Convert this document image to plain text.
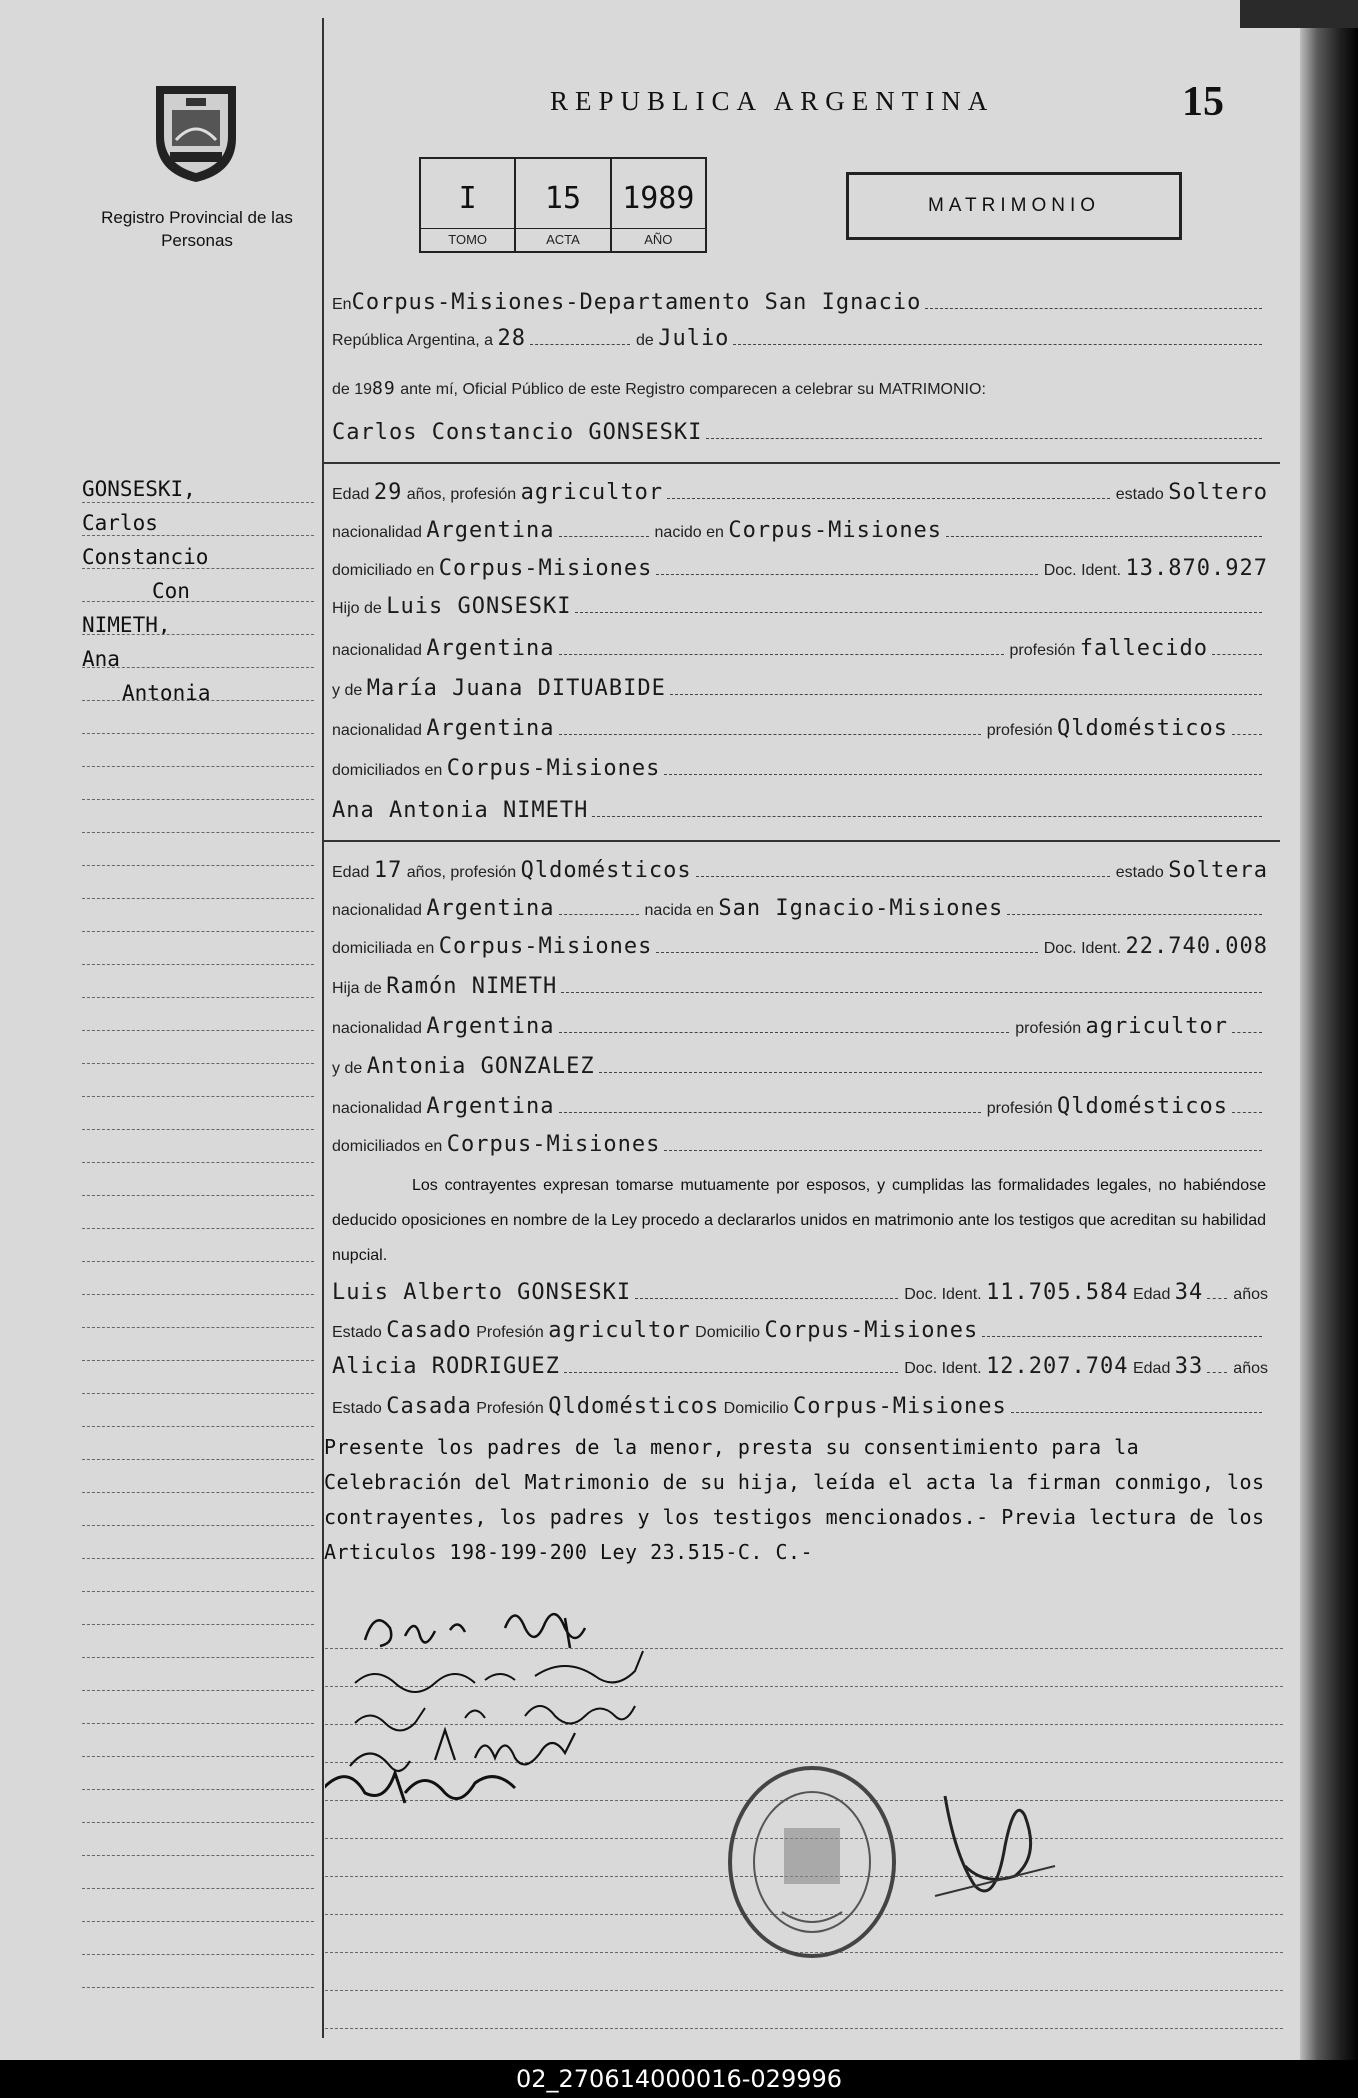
Registro Provincial de las Personas
REPUBLICA ARGENTINA	15
I
TOMO
15
ACTA
1989
AÑO
MATRIMONIO
En Corpus-Misiones-Departamento San Ignacio
República Argentina, a
28	de
Julio
de 19 89
ante mí, Oficial Público de este Registro comparecen a celebrar su MATRIMONIO:
Carlos Constancio GONSESKI
Edad
29
años, profesión
agricultor	estado
Soltero
nacionalidad
Argentina	nacido en
Corpus-Misiones
domiciliado en
Corpus-Misiones	Doc. Ident.
13.870.927
Hijo de
Luis GONSESKI
nacionalidad
Argentina	profesión
fallecido
y de
María Juana DITUABIDE
nacionalidad
Argentina	profesión
Qldomésticos
domiciliados en
Corpus-Misiones
Ana Antonia NIMETH
Edad
17
años, profesión
Qldomésticos	estado
Soltera
nacionalidad
Argentina	nacida en
San Ignacio-Misiones
domiciliada en
Corpus-Misiones	Doc. Ident.
22.740.008
Hija de
Ramón NIMETH
nacionalidad
Argentina	profesión
agricultor
y de
Antonia GONZALEZ
nacionalidad
Argentina	profesión
Qldomésticos
domiciliados en
Corpus-Misiones
Los contrayentes expresan tomarse mutuamente por esposos, y cumplidas las formalidades legales, no habiéndose deducido oposiciones en nombre de la Ley procedo a declararlos unidos en matrimonio ante los testigos que acreditan su habilidad nupcial.
Luis Alberto GONSESKI	Doc. Ident.
11.705.584
Edad
34 años
Estado
Casado
Profesión
agricultor
Domicilio
Corpus-Misiones
Alicia RODRIGUEZ	Doc. Ident.
12.207.704
Edad
33 años
Estado
Casada
Profesión
Qldomésticos
Domicilio
Corpus-Misiones
Presente los padres de la menor, presta su consentimiento para la Celebración del Matrimonio de su hija, leída el acta la firman conmigo, los contrayentes, los padres y los testigos mencionados.- Previa lectura de los Articulos 198-199-200 Ley 23.515-C. C.-
GONSESKI,
Carlos
Constancio
Con
NIMETH,
Ana
Antonia
02_270614000016-029996
